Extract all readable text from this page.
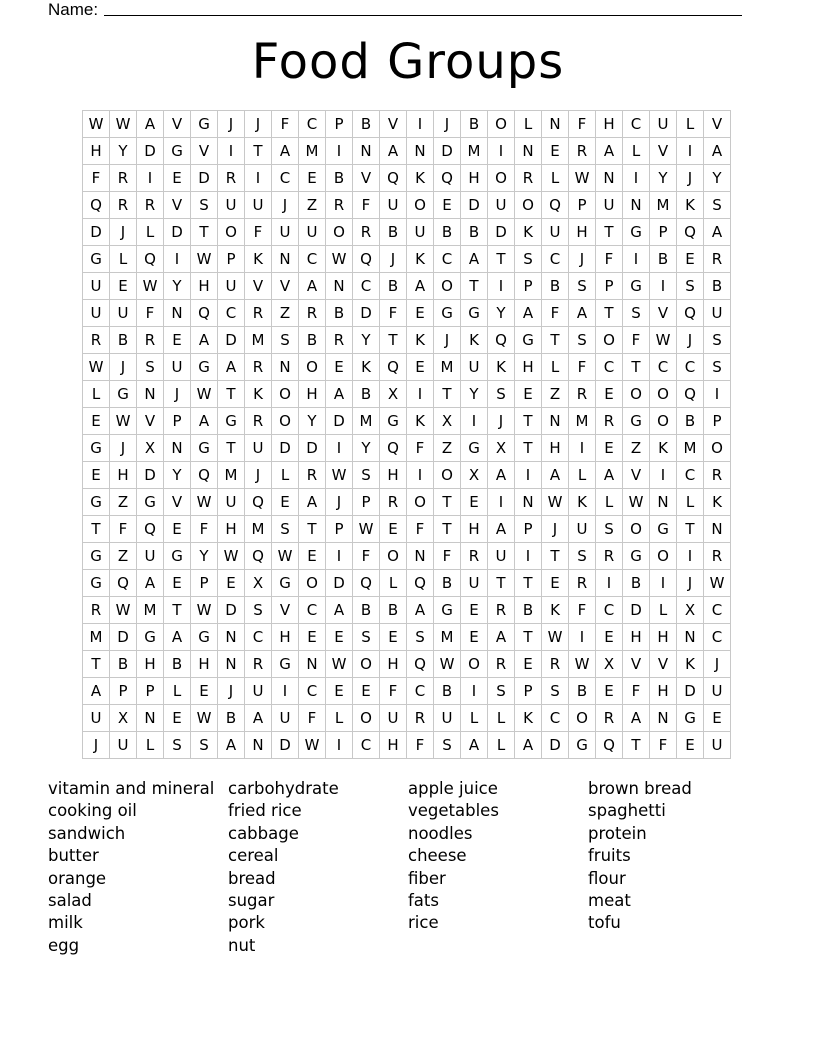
Name:
Food Groups
W	W	A	V	G	J	J	F	C	P	B	V	I	J	B	O	L	N	F	H	C	U	L	V
H	Y	D	G	V	I	T	A	M	I	N	A	N	D	M	I	N	E	R	A	L	V	I	A
F	R	I	E	D	R	I	C	E	B	V	Q	K	Q	H	O	R	L	W	N	I	Y	J	Y
Q	R	R	V	S	U	U	J	Z	R	F	U	O	E	D	U	O	Q	P	U	N	M	K	S
D	J	L	D	T	O	F	U	U	O	R	B	U	B	B	D	K	U	H	T	G	P	Q	A
G	L	Q	I	W	P	K	N	C	W	Q	J	K	C	A	T	S	C	J	F	I	B	E	R
U	E	W	Y	H	U	V	V	A	N	C	B	A	O	T	I	P	B	S	P	G	I	S	B
U	U	F	N	Q	C	R	Z	R	B	D	F	E	G	G	Y	A	F	A	T	S	V	Q	U
R	B	R	E	A	D	M	S	B	R	Y	T	K	J	K	Q	G	T	S	O	F	W	J	S
W	J	S	U	G	A	R	N	O	E	K	Q	E	M	U	K	H	L	F	C	T	C	C	S
L	G	N	J	W	T	K	O	H	A	B	X	I	T	Y	S	E	Z	R	E	O	O	Q	I
E	W	V	P	A	G	R	O	Y	D	M	G	K	X	I	J	T	N	M	R	G	O	B	P
G	J	X	N	G	T	U	D	D	I	Y	Q	F	Z	G	X	T	H	I	E	Z	K	M	O
E	H	D	Y	Q	M	J	L	R	W	S	H	I	O	X	A	I	A	L	A	V	I	C	R
G	Z	G	V	W	U	Q	E	A	J	P	R	O	T	E	I	N	W	K	L	W	N	L	K
T	F	Q	E	F	H	M	S	T	P	W	E	F	T	H	A	P	J	U	S	O	G	T	N
G	Z	U	G	Y	W	Q	W	E	I	F	O	N	F	R	U	I	T	S	R	G	O	I	R
G	Q	A	E	P	E	X	G	O	D	Q	L	Q	B	U	T	T	E	R	I	B	I	J	W
R	W	M	T	W	D	S	V	C	A	B	B	A	G	E	R	B	K	F	C	D	L	X	C
M	D	G	A	G	N	C	H	E	E	S	E	S	M	E	A	T	W	I	E	H	H	N	C
T	B	H	B	H	N	R	G	N	W	O	H	Q	W	O	R	E	R	W	X	V	V	K	J
A	P	P	L	E	J	U	I	C	E	E	F	C	B	I	S	P	S	B	E	F	H	D	U
U	X	N	E	W	B	A	U	F	L	O	U	R	U	L	L	K	C	O	R	A	N	G	E
J	U	L	S	S	A	N	D	W	I	C	H	F	S	A	L	A	D	G	Q	T	F	E	U
vitamin and mineral
cooking oil
sandwich
butter
orange
salad
milk
egg
carbohydrate
fried rice
cabbage
cereal
bread
sugar
pork
nut
apple juice
vegetables
noodles
cheese
fiber
fats
rice
brown bread
spaghetti
protein
fruits
flour
meat
tofu
